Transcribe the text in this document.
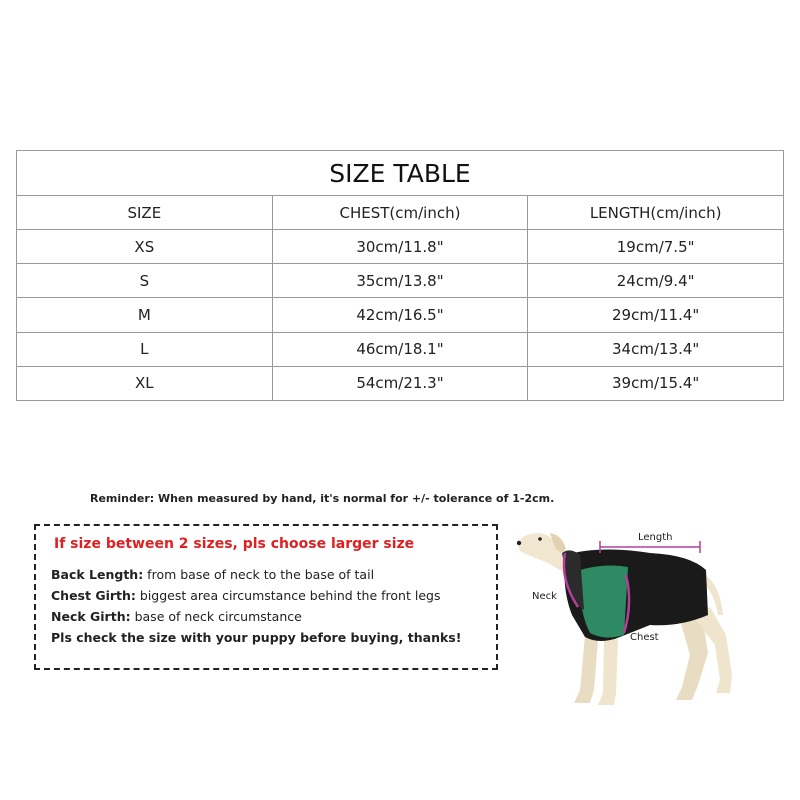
SIZE TABLE		
SIZE	CHEST(cm/inch)	LENGTH(cm/inch)
XS	30cm/11.8"	19cm/7.5"
S	35cm/13.8"	24cm/9.4"
M	42cm/16.5"	29cm/11.4"
L	46cm/18.1"	34cm/13.4"
XL	54cm/21.3"	39cm/15.4"
Reminder: When measured by hand, it's normal for +/- tolerance of 1-2cm.
If size between 2 sizes, pls choose larger size
Back Length: from base of neck to the base of tail
Chest Girth: biggest area circumstance behind the front legs
Neck Girth: base of neck circumstance
Pls check the size with your puppy before buying, thanks!
Length
Neck
Chest
